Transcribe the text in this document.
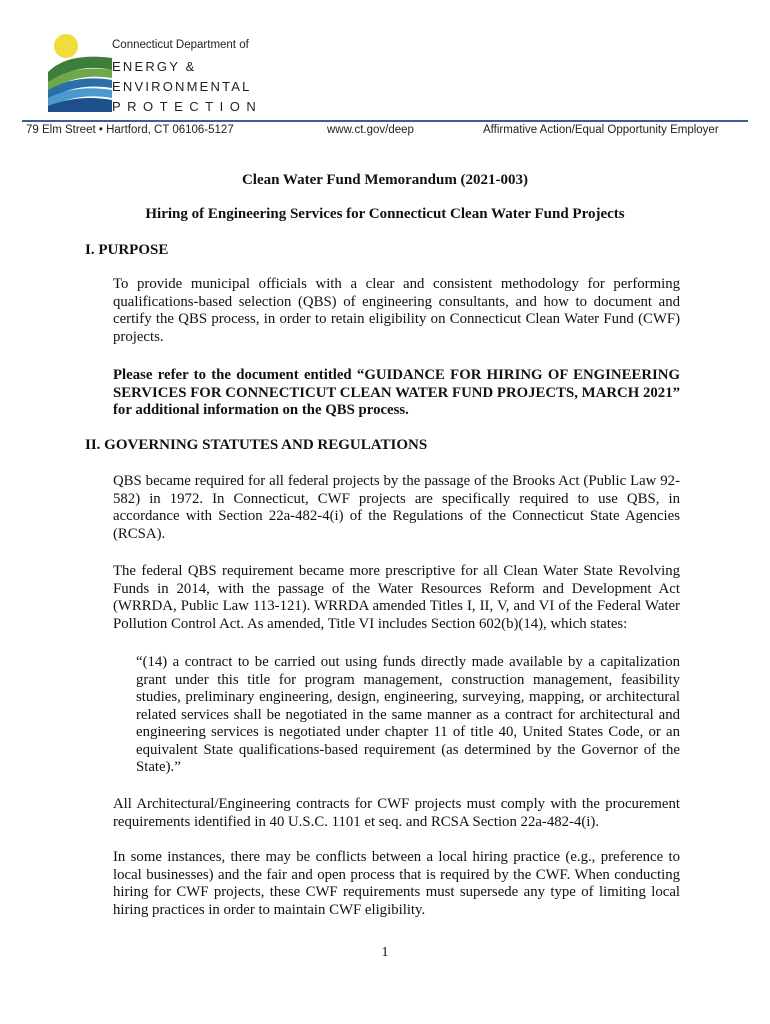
Connecticut Department of
ENERGY &
ENVIRONMENTAL
PROTECTION
79 Elm Street • Hartford, CT 06106-5127	www.ct.gov/deep	Affirmative Action/Equal Opportunity Employer
Clean Water Fund Memorandum (2021-003)
Hiring of Engineering Services for Connecticut Clean Water Fund Projects
I. PURPOSE

To provide municipal officials with a clear and consistent methodology for performing qualifications-based selection (QBS) of engineering consultants, and how to document and certify the QBS process, in order to retain eligibility on Connecticut Clean Water Fund (CWF) projects.

Please refer to the document entitled “GUIDANCE FOR HIRING OF ENGINEERING SERVICES FOR CONNECTICUT CLEAN WATER FUND PROJECTS, MARCH 2021” for additional information on the QBS process.

II. GOVERNING STATUTES AND REGULATIONS

QBS became required for all federal projects by the passage of the Brooks Act (Public Law 92-582) in 1972. In Connecticut, CWF projects are specifically required to use QBS, in accordance with Section 22a-482-4(i) of the Regulations of the Connecticut State Agencies (RCSA).

The federal QBS requirement became more prescriptive for all Clean Water State Revolving Funds in 2014, with the passage of the Water Resources Reform and Development Act (WRRDA, Public Law 113-121). WRRDA amended Titles I, II, V, and VI of the Federal Water Pollution Control Act. As amended, Title VI includes Section 602(b)(14), which states:

“(14) a contract to be carried out using funds directly made available by a capitalization grant under this title for program management, construction management, feasibility studies, preliminary engineering, design, engineering, surveying, mapping, or architectural related services shall be negotiated in the same manner as a contract for architectural and engineering services is negotiated under chapter 11 of title 40, United States Code, or an equivalent State qualifications-based requirement (as determined by the Governor of the State).”

All Architectural/Engineering contracts for CWF projects must comply with the procurement requirements identified in 40 U.S.C. 1101 et seq. and RCSA Section 22a-482-4(i).

In some instances, there may be conflicts between a local hiring practice (e.g., preference to local businesses) and the fair and open process that is required by the CWF. When conducting hiring for CWF projects, these CWF requirements must supersede any type of limiting local hiring practices in order to maintain CWF eligibility.

1
